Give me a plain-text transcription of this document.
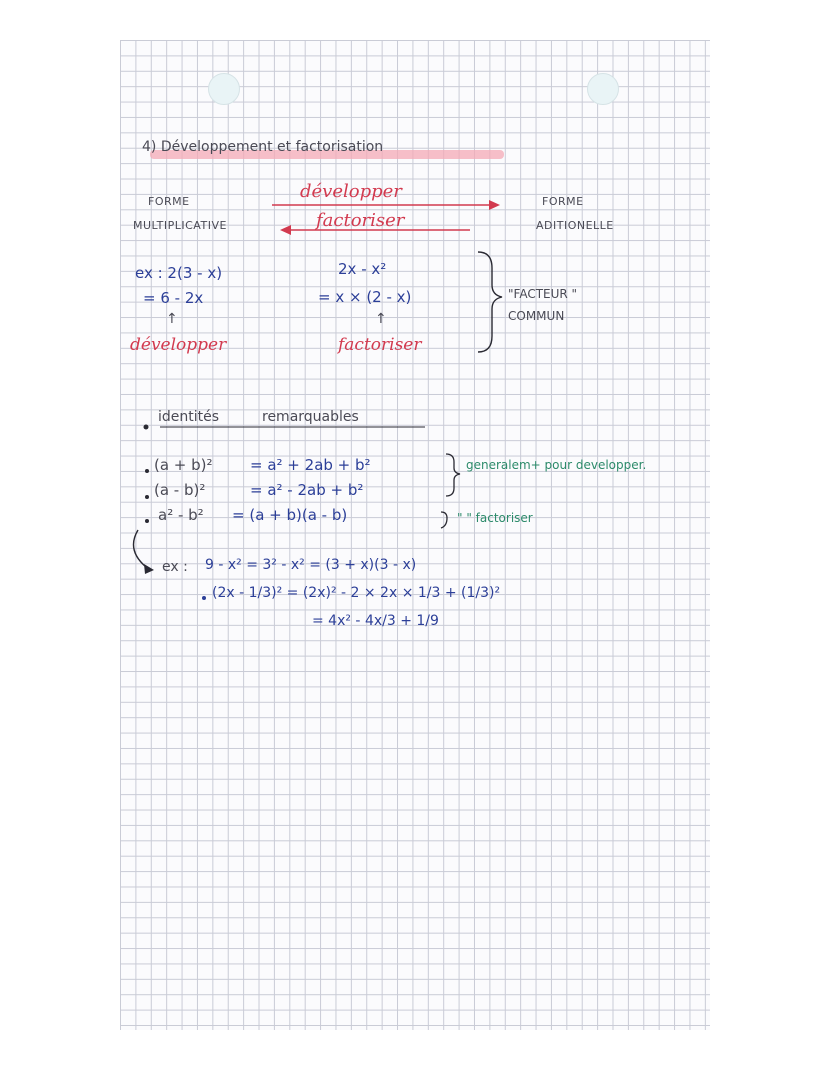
4) Développement et factorisation
FORME
MULTIPLICATIVE
FORME
ADITIONELLE
développer
factoriser
ex : 2(3 - x)
= 6 - 2x
↑
développer
2x - x²
= x × (2 - x)
↑
factoriser
"FACTEUR "
COMMUN
identités	remarquables
(a + b)² = a² + 2ab + b²
(a - b)²	= a² - 2ab + b²
a² - b² = (a + b)(a - b)
generalem+ pour developper.
" " factoriser
ex : 9 - x² = 3² - x² = (3 + x)(3 - x)
(2x - 1/3)² = (2x)² - 2 × 2x × 1/3 + (1/3)²
= 4x² - 4x/3 + 1/9
